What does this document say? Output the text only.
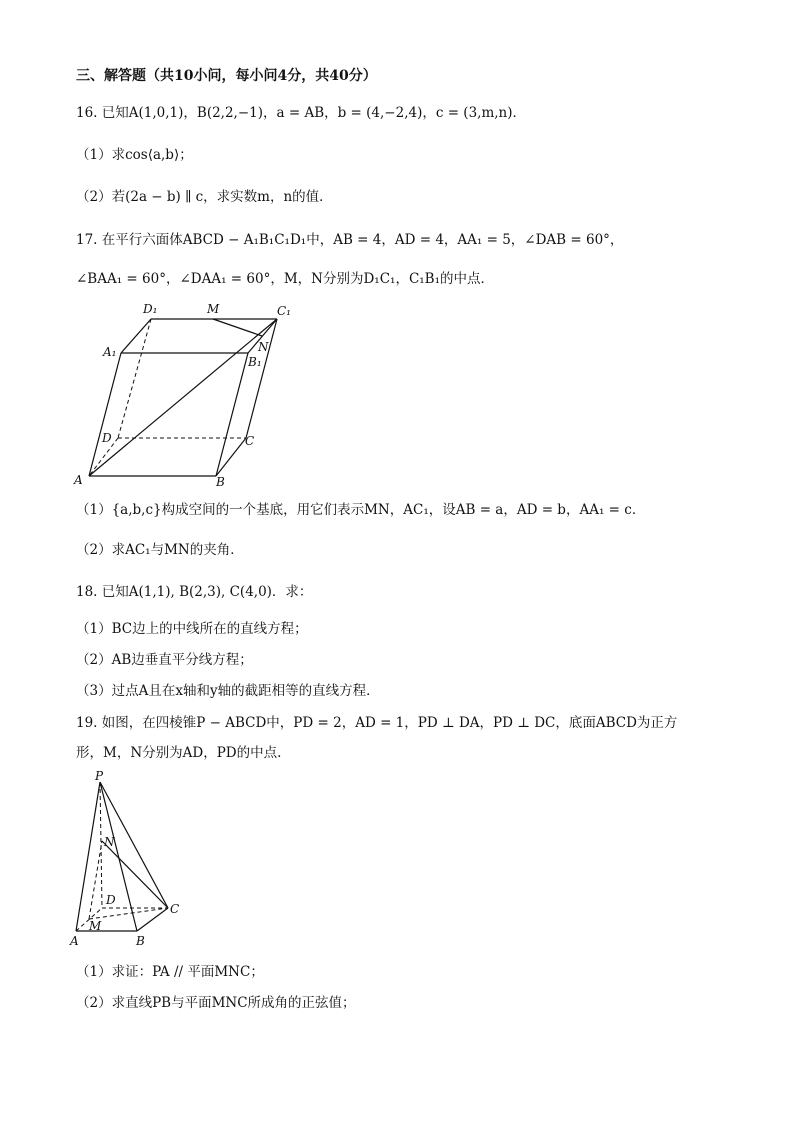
三、解答题（共10小问，每小问4分，共40分）
16. 已知A(1,0,1)，B(2,2,−1)，a = AB，b = (4,−2,4)，c = (3,m,n)．
（1）求cos⟨a,b⟩；
（2）若(2a − b) ∥ c，求实数m，n的值．
17. 在平行六面体ABCD − A₁B₁C₁D₁中，AB = 4，AD = 4，AA₁ = 5，∠DAB = 60°，
∠BAA₁ = 60°，∠DAA₁ = 60°，M，N分别为D₁C₁，C₁B₁的中点．
D₁	M	C₁
A₁
B₁
N
D	C
A	B
（1）{a,b,c}构成空间的一个基底，用它们表示MN，AC₁，设AB = a，AD = b，AA₁ = c．
（2）求AC₁与MN的夹角．
18. 已知A(1,1), B(2,3), C(4,0)．求：
（1）BC边上的中线所在的直线方程；
（2）AB边垂直平分线方程；
（3）过点A且在x轴和y轴的截距相等的直线方程．
19. 如图，在四棱锥P − ABCD中，PD = 2，AD = 1，PD ⊥ DA，PD ⊥ DC，底面ABCD为正方
形，M，N分别为AD，PD的中点.
P
N
D
C
M
A	B
（1）求证：PA // 平面MNC；
（2）求直线PB与平面MNC所成角的正弦值；
